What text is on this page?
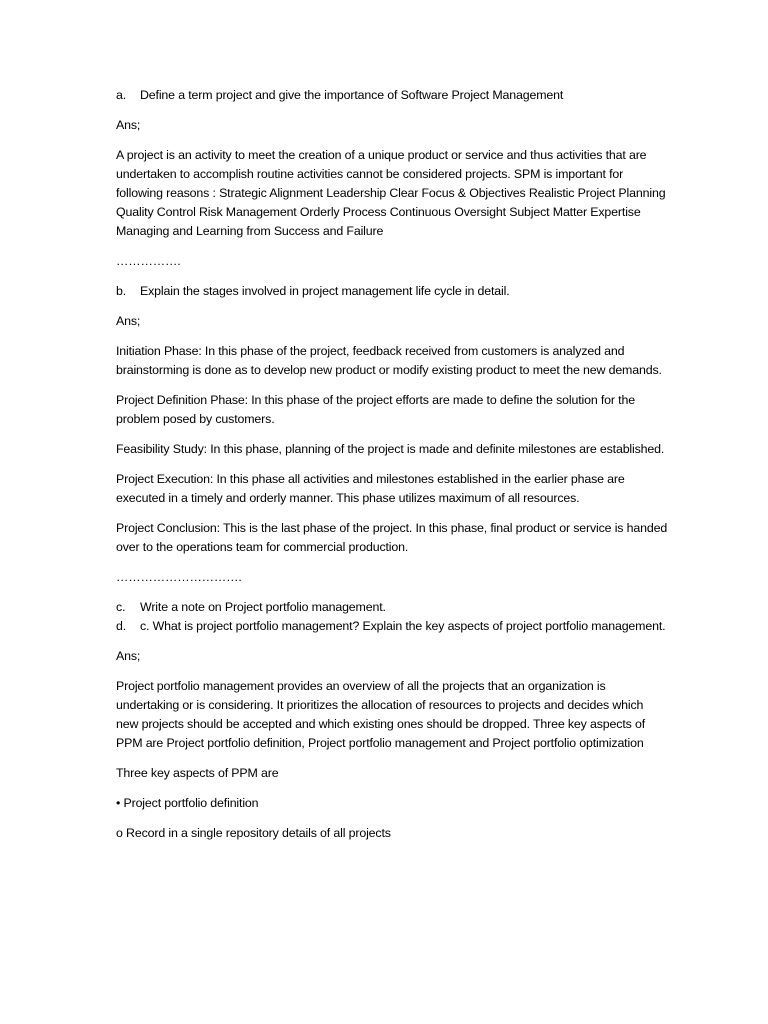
a.	Define a term project and give the importance of Software Project Management

Ans;

A project is an activity to meet the creation of a unique product or service and thus activities that are undertaken to accomplish routine activities cannot be considered projects. SPM is important for following reasons : Strategic Alignment Leadership Clear Focus & Objectives Realistic Project Planning Quality Control Risk Management Orderly Process Continuous Oversight Subject Matter Expertise Managing and Learning from Success and Failure

…………….

b.	Explain the stages involved in project management life cycle in detail.

Ans;

Initiation Phase: In this phase of the project, feedback received from customers is analyzed and brainstorming is done as to develop new product or modify existing product to meet the new demands.

Project Definition Phase: In this phase of the project efforts are made to define the solution for the problem posed by customers.

Feasibility Study: In this phase, planning of the project is made and definite milestones are established.

Project Execution: In this phase all activities and milestones established in the earlier phase are executed in a timely and orderly manner. This phase utilizes maximum of all resources.

Project Conclusion: This is the last phase of the project. In this phase, final product or service is handed over to the operations team for commercial production.

………………………….

c.	Write a note on Project portfolio management.
d.	c. What is project portfolio management? Explain the key aspects of project portfolio management.

Ans;

Project portfolio management provides an overview of all the projects that an organization is undertaking or is considering. It prioritizes the allocation of resources to projects and decides which new projects should be accepted and which existing ones should be dropped. Three key aspects of PPM are Project portfolio definition, Project portfolio management and Project portfolio optimization

Three key aspects of PPM are

• Project portfolio definition

o Record in a single repository details of all projects
